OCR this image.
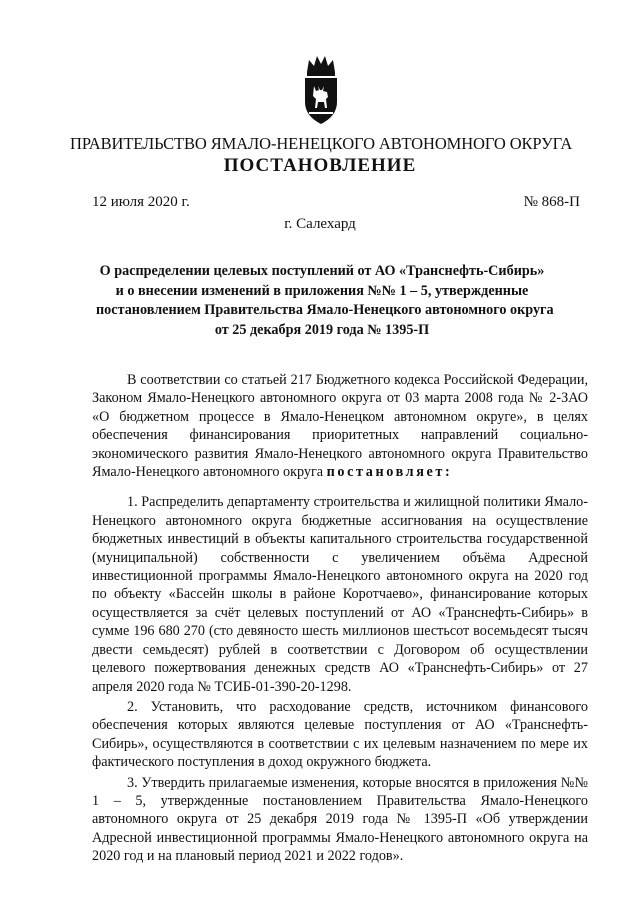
ПРАВИТЕЛЬСТВО ЯМАЛО-НЕНЕЦКОГО АВТОНОМНОГО ОКРУГА
ПОСТАНОВЛЕНИЕ
12 июля 2020 г.	№ 868-П
г. Салехард
О распределении целевых поступлений от АО «Транснефть-Сибирь»
и о внесении изменений в приложения №№ 1 – 5, утвержденные
постановлением Правительства Ямало-Ненецкого автономного округа
от 25 декабря 2019 года № 1395-П

В соответствии со статьей 217 Бюджетного кодекса Российской Федерации, Законом Ямало-Ненецкого автономного округа от 03 марта 2008 года № 2-ЗАО «О бюджетном процессе в Ямало-Ненецком автономном округе», в целях обеспечения финансирования приоритетных направлений социально-экономического развития Ямало-Ненецкого автономного округа Правительство Ямало-Ненецкого автономного округа постановляет:

1. Распределить департаменту строительства и жилищной политики Ямало-Ненецкого автономного округа бюджетные ассигнования на осуществление бюджетных инвестиций в объекты капитального строительства государственной (муниципальной) собственности с увеличением объёма Адресной инвестиционной программы Ямало-Ненецкого автономного округа на 2020 год по объекту «Бассейн школы в районе Коротчаево», финансирование которых осуществляется за счёт целевых поступлений от АО «Транснефть-Сибирь» в сумме 196 680 270 (сто девяносто шесть миллионов шестьсот восемьдесят тысяч двести семьдесят) рублей в соответствии с Договором об осуществлении целевого пожертвования денежных средств АО «Транснефть-Сибирь» от 27 апреля 2020 года № ТСИБ-01-390-20-1298.

2. Установить, что расходование средств, источником финансового обеспечения которых являются целевые поступления от АО «Транснефть-Сибирь», осуществляются в соответствии с их целевым назначением по мере их фактического поступления в доход окружного бюджета.

3. Утвердить прилагаемые изменения, которые вносятся в приложения №№ 1 – 5, утвержденные постановлением Правительства Ямало-Ненецкого автономного округа от 25 декабря 2019 года № 1395-П «Об утверждении Адресной инвестиционной программы Ямало-Ненецкого автономного округа на 2020 год и на плановый период 2021 и 2022 годов».
